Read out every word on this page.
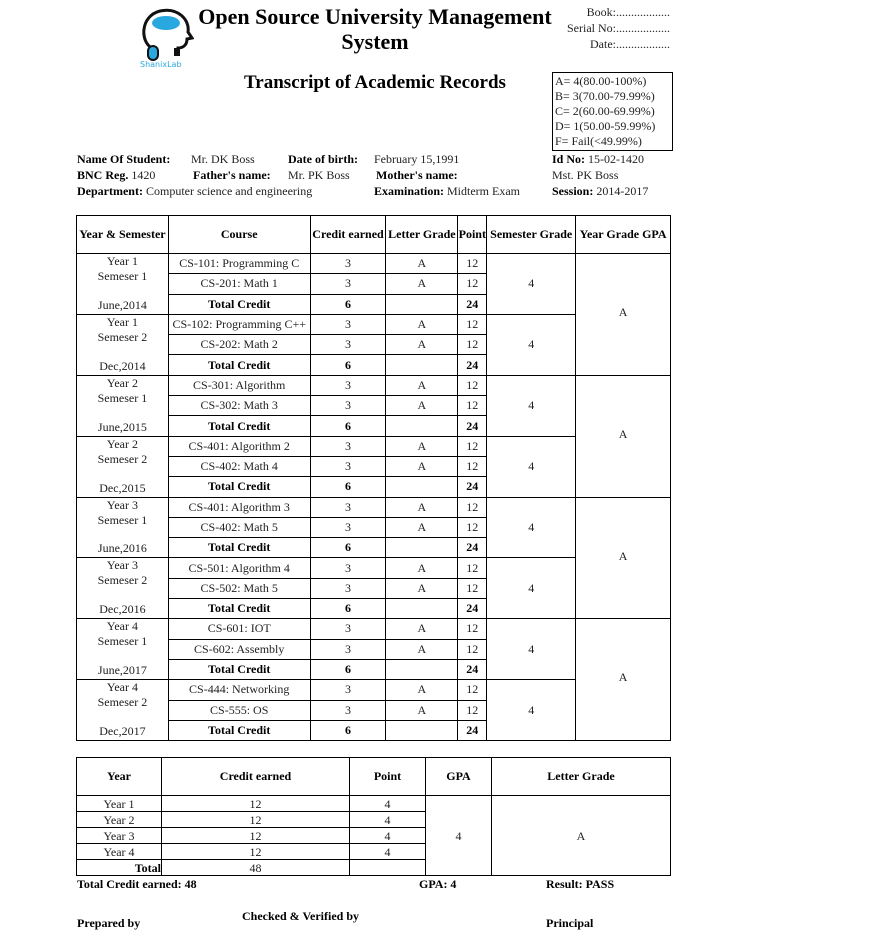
ShanixLab
Open Source University Management System
Book:..................
Serial No:..................
Date:..................
Transcript of Academic Records	A= 4(80.00-100%)
B= 3(70.00-79.99%)
C= 2(60.00-69.99%)
D= 1(50.00-59.99%)
F= Fail(<49.99%)
Name Of Student: Mr. DK Boss	Date of birth: February 15,1991	Id No: 15-02-1420
BNC Reg. 1420	Father's name: Mr. PK Boss Mother's name:	Mst. PK Boss
Department: Computer science and engineering	Examination: Midterm Exam	Session: 2014-2017
Year & Semester	Course	Credit earned	Letter Grade	Point	Semester Grade	Year Grade GPA

Year 1
Semeser 1
June,2014	CS-101: Programming C	3	A	12	4	A
	CS-201: Math 1	3	A	12		
	Total Credit	6		24		

Year 1
Semeser 2
Dec,2014	CS-102: Programming C++	3	A	12	4	
	CS-202: Math 2	3	A	12		
	Total Credit	6		24		

Year 2
Semeser 1
June,2015	CS-301: Algorithm	3	A	12	4	A
	CS-302: Math 3	3	A	12		
	Total Credit	6		24		

Year 2
Semeser 2
Dec,2015	CS-401: Algorithm 2	3	A	12	4	
	CS-402: Math 4	3	A	12		
	Total Credit	6		24		

Year 3
Semeser 1
June,2016	CS-401: Algorithm 3	3	A	12	4	A
	CS-402: Math 5	3	A	12		
	Total Credit	6		24		

Year 3
Semeser 2
Dec,2016	CS-501: Algorithm 4	3	A	12	4	
	CS-502: Math 5	3	A	12		
	Total Credit	6		24		

Year 4
Semeser 1
June,2017	CS-601: IOT	3	A	12	4	A
	CS-602: Assembly	3	A	12		
	Total Credit	6		24		

Year 4
Semeser 2
Dec,2017	CS-444: Networking	3	A	12	4	
	CS-555: OS	3	A	12		
	Total Credit	6		24		
Year	Credit earned	Point	GPA	Letter Grade
Year 1	12	4	4	A
Year 2	12	4		
Year 3	12	4		
Year 4	12	4		
Total	48			
Total Credit earned: 48	GPA: 4	Result: PASS
Prepared by	Checked & Verified by	Principal
